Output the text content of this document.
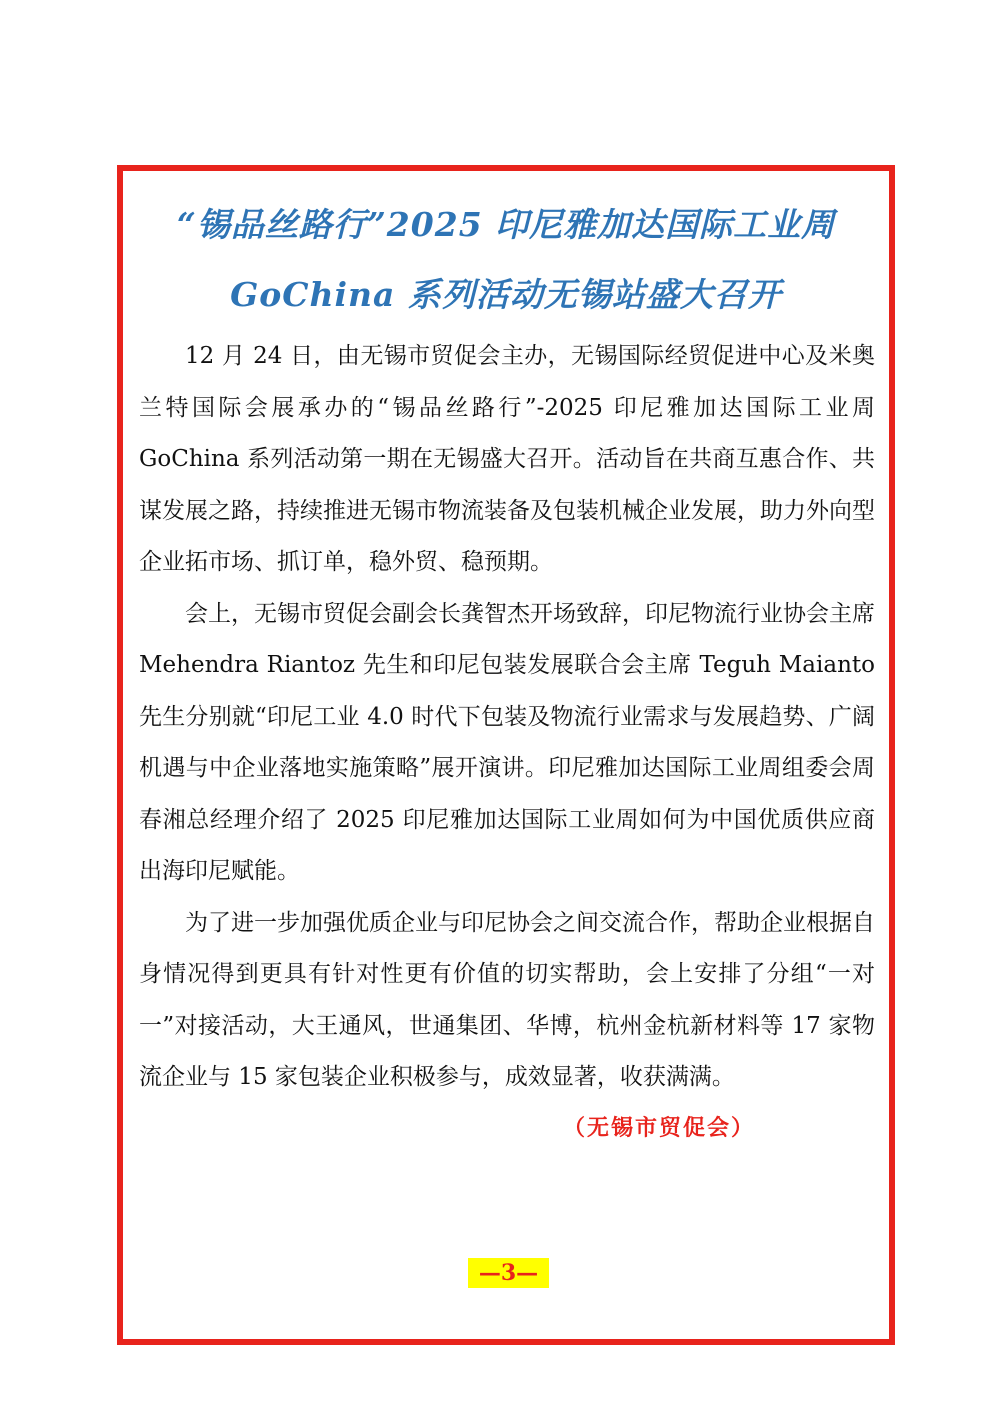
“锡品丝路行”2025 印尼雅加达国际工业周
GoChina 系列活动无锡站盛大召开

12 月 24 日，由无锡市贸促会主办，无锡国际经贸促进中心及米奥兰特国际会展承办的“锡品丝路行”-2025 印尼雅加达国际工业周 GoChina 系列活动第一期在无锡盛大召开。活动旨在共商互惠合作、共谋发展之路，持续推进无锡市物流装备及包装机械企业发展，助力外向型企业拓市场、抓订单，稳外贸、稳预期。

会上，无锡市贸促会副会长龚智杰开场致辞，印尼物流行业协会主席 Mehendra Riantoz 先生和印尼包装发展联合会主席 Teguh Maianto 先生分别就“印尼工业 4.0 时代下包装及物流行业需求与发展趋势、广阔机遇与中企业落地实施策略”展开演讲。印尼雅加达国际工业周组委会周春湘总经理介绍了 2025 印尼雅加达国际工业周如何为中国优质供应商出海印尼赋能。

为了进一步加强优质企业与印尼协会之间交流合作，帮助企业根据自身情况得到更具有针对性更有价值的切实帮助，会上安排了分组“一对一”对接活动，大王通风，世通集团、华博，杭州金杭新材料等 17 家物流企业与 15 家包装企业积极参与，成效显著，收获满满。

（无锡市贸促会）
—3—
